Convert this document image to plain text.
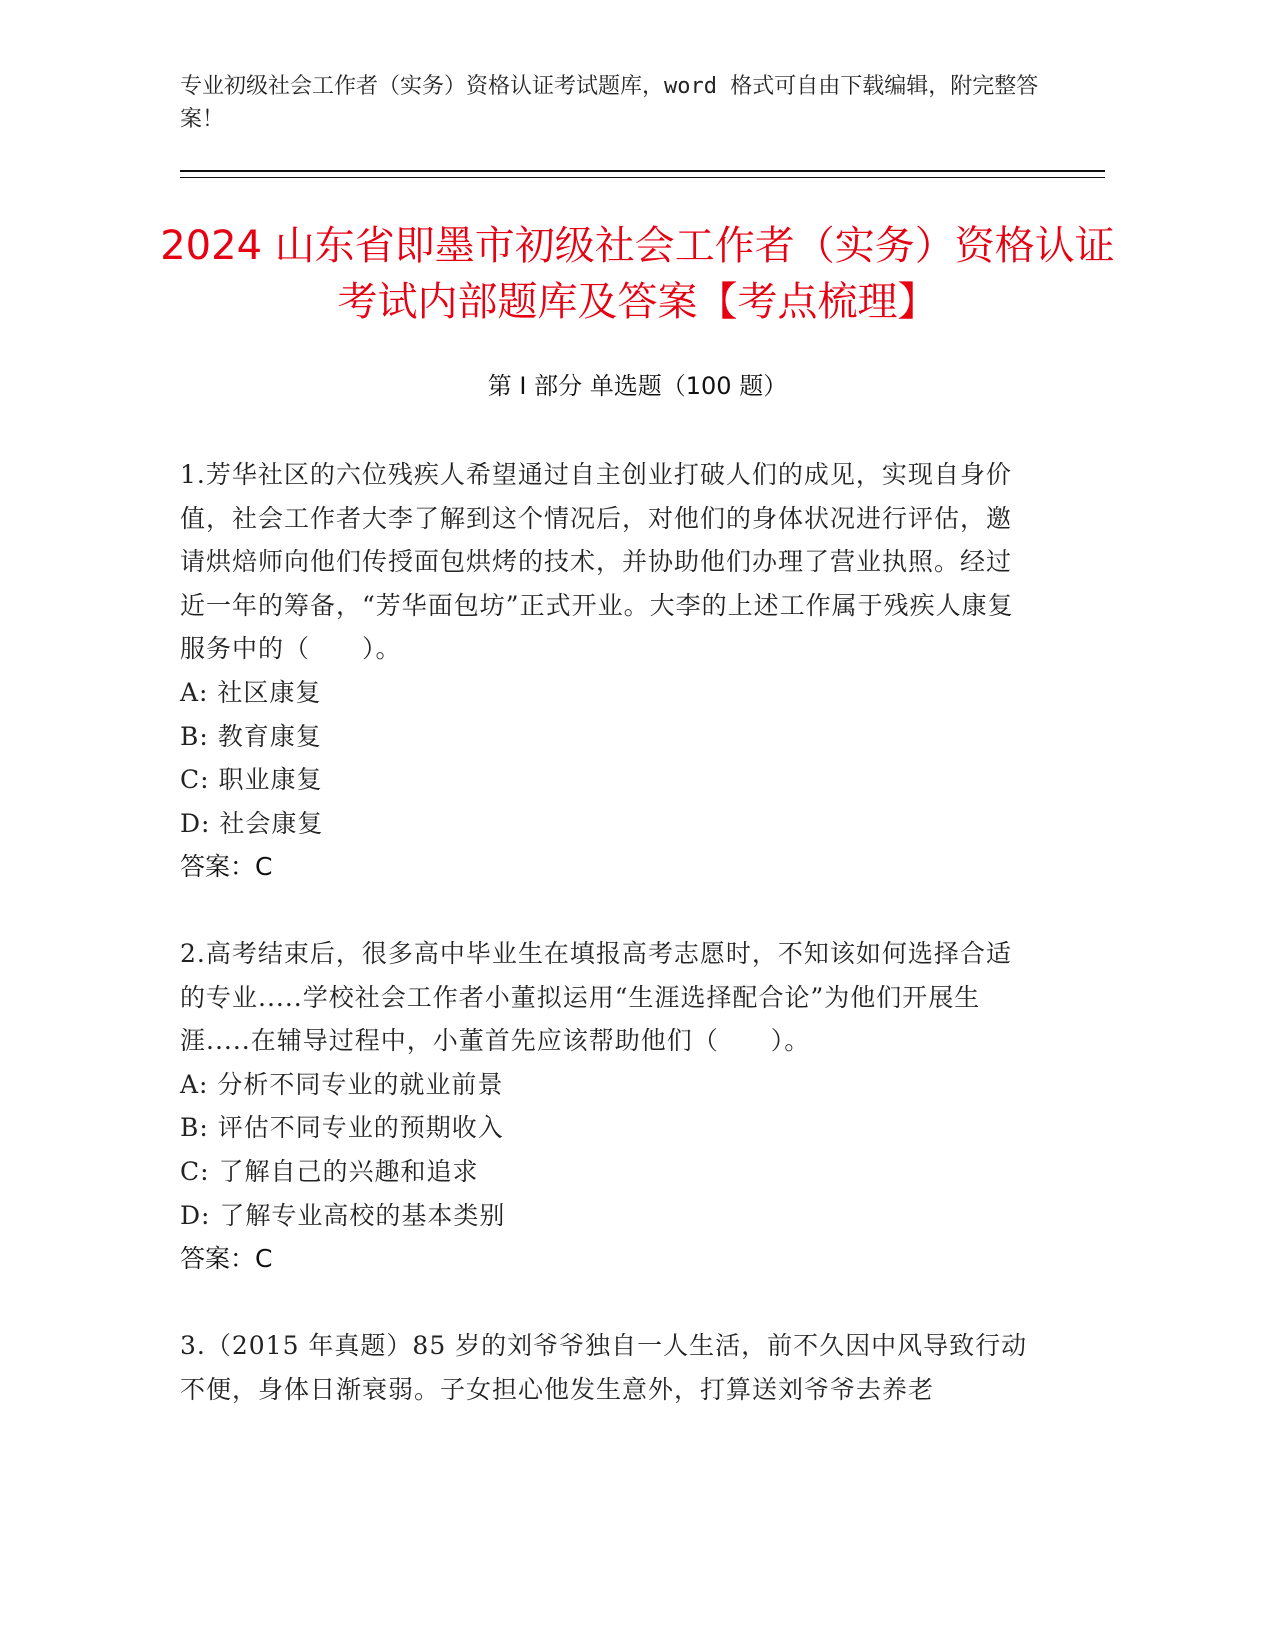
专业初级社会工作者（实务）资格认证考试题库，word 格式可自由下载编辑，附完整答案！
2024 山东省即墨市初级社会工作者（实务）资格认证考试内部题库及答案【考点梳理】
第 I 部分 单选题（100 题）

1.芳华社区的六位残疾人希望通过自主创业打破人们的成见，实现自身价值，社会工作者大李了解到这个情况后，对他们的身体状况进行评估，邀请烘焙师向他们传授面包烘烤的技术，并协助他们办理了营业执照。经过近一年的筹备，“芳华面包坊”正式开业。大李的上述工作属于残疾人康复服务中的（　　）。

A: 社区康复

B: 教育康复

C: 职业康复

D: 社会康复

答案：C

2.高考结束后，很多高中毕业生在填报高考志愿时，不知该如何选择合适的专业.....学校社会工作者小董拟运用“生涯选择配合论”为他们开展生涯.....在辅导过程中，小董首先应该帮助他们（　　）。

A: 分析不同专业的就业前景

B: 评估不同专业的预期收入

C: 了解自己的兴趣和追求

D: 了解专业高校的基本类别

答案：C

3.（2015 年真题）85 岁的刘爷爷独自一人生活，前不久因中风导致行动不便，身体日渐衰弱。子女担心他发生意外，打算送刘爷爷去养老
